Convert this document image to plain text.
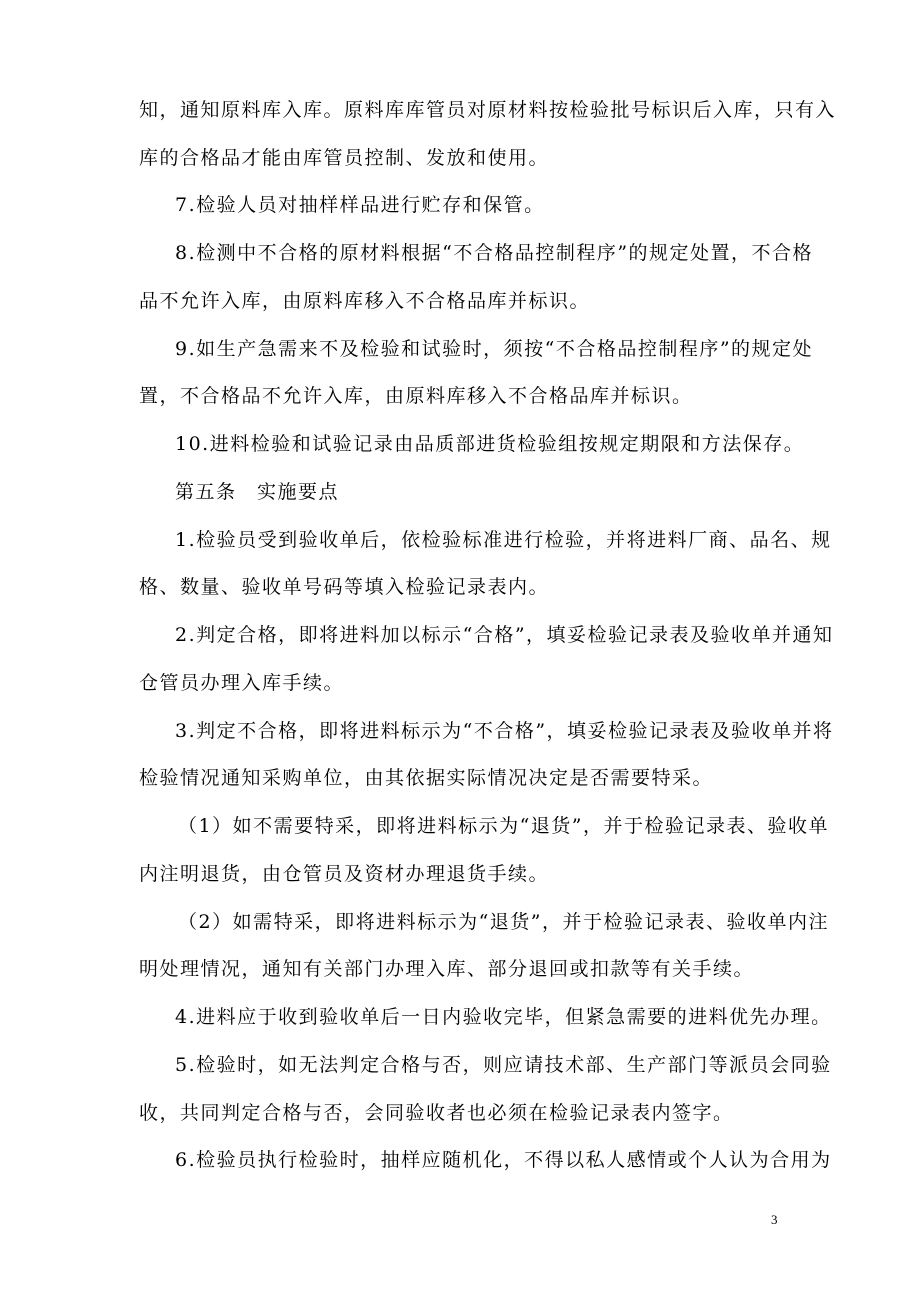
知，通知原料库入库。原料库库管员对原材料按检验批号标识后入库，只有入
库的合格品才能由库管员控制、发放和使用。
7.检验人员对抽样样品进行贮存和保管。
8.检测中不合格的原材料根据“不合格品控制程序”的规定处置，不合格
品不允许入库，由原料库移入不合格品库并标识。
9.如生产急需来不及检验和试验时，须按“不合格品控制程序”的规定处
置，不合格品不允许入库，由原料库移入不合格品库并标识。
10.进料检验和试验记录由品质部进货检验组按规定期限和方法保存。
第五条　实施要点
1.检验员受到验收单后，依检验标准进行检验，并将进料厂商、品名、规
格、数量、验收单号码等填入检验记录表内。
2.判定合格，即将进料加以标示“合格”，填妥检验记录表及验收单并通知
仓管员办理入库手续。
3.判定不合格，即将进料标示为“不合格”，填妥检验记录表及验收单并将
检验情况通知采购单位，由其依据实际情况决定是否需要特采。
（1）如不需要特采，即将进料标示为“退货”，并于检验记录表、验收单
内注明退货，由仓管员及资材办理退货手续。
（2）如需特采，即将进料标示为“退货”，并于检验记录表、验收单内注
明处理情况，通知有关部门办理入库、部分退回或扣款等有关手续。
4.进料应于收到验收单后一日内验收完毕，但紧急需要的进料优先办理。
5.检验时，如无法判定合格与否，则应请技术部、生产部门等派员会同验
收，共同判定合格与否，会同验收者也必须在检验记录表内签字。
6.检验员执行检验时，抽样应随机化，不得以私人感情或个人认为合用为
3
